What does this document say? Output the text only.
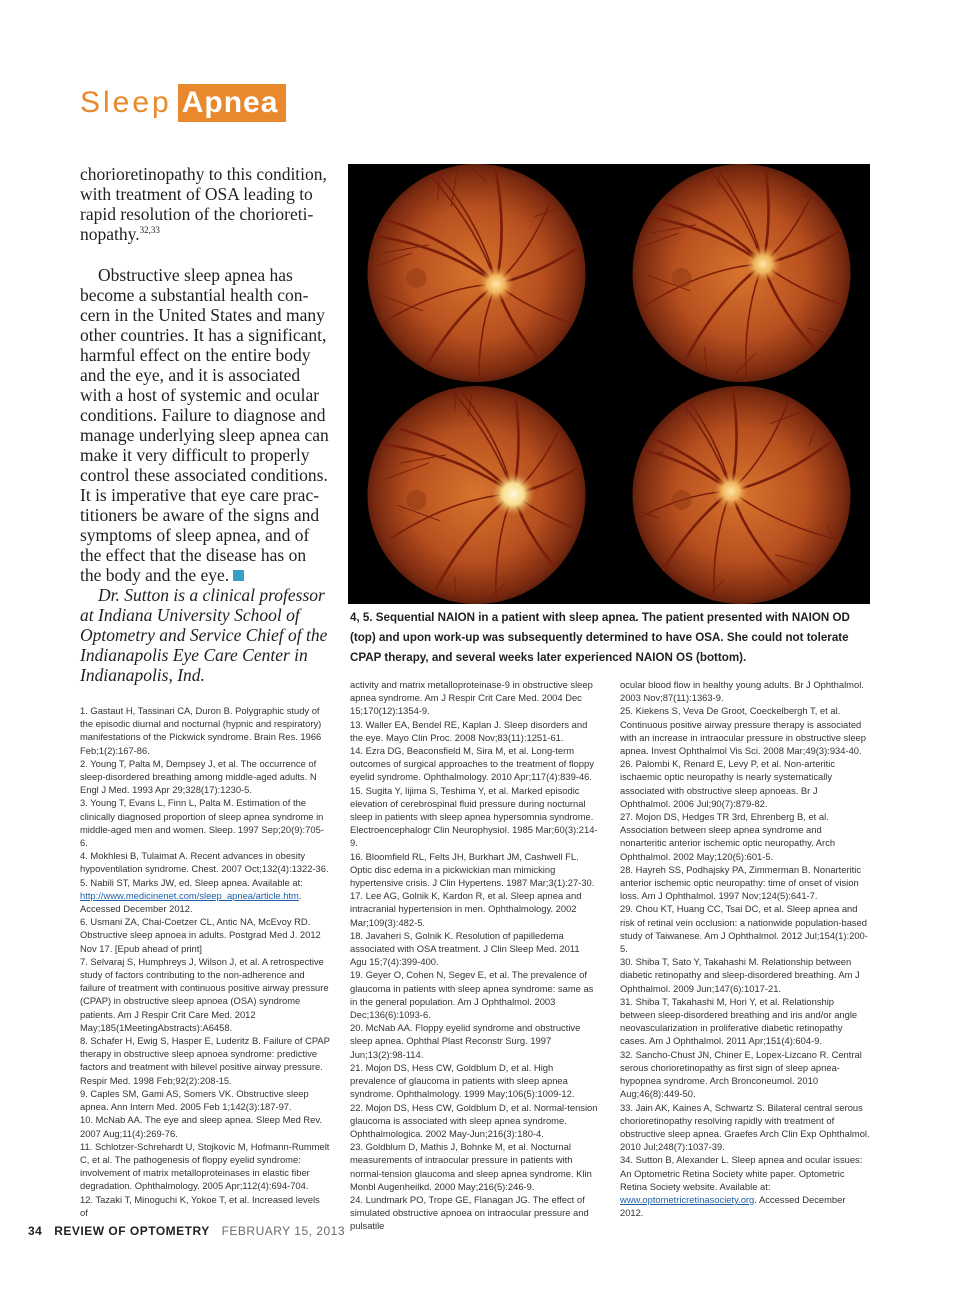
Sleep Apnea

chorioretinopathy to this condition, with treatment of OSA leading to rapid resolution of the chorioretinopathy.$^{32,33}$

Obstructive sleep apnea has become a substantial health concern in the United States and many other countries. It has a significant, harmful effect on the entire body and the eye, and it is associated with a host of systemic and ocular conditions. Failure to diagnose and manage underlying sleep apnea can make it very difficult to properly control these associated conditions. It is imperative that eye care practitioners be aware of the signs and symptoms of sleep apnea, and of the effect that the disease has on the body and the eye.

Dr. Sutton is a clinical professor at Indiana University School of Optometry and Service Chief of the Indianapolis Eye Care Center in Indianapolis, Ind.

1. Gastaut H, Tassinari CA, Duron B. Polygraphic study of the episodic diurnal and nocturnal (hypnic and respiratory) manifestations of the Pickwick syndrome. Brain Res. 1966 Feb;1(2):167-86.
2. Young T, Palta M, Dempsey J, et al. The occurrence of sleep-disordered breathing among middle-aged adults. N Engl J Med. 1993 Apr 29;328(17):1230-5.
3. Young T, Evans L, Finn L, Palta M. Estimation of the clinically diagnosed proportion of sleep apnea syndrome in middle-aged men and women. Sleep. 1997 Sep;20(9):705-6.
4. Mokhlesi B, Tulaimat A. Recent advances in obesity hypoventilation syndrome. Chest. 2007 Oct;132(4):1322-36.
5. Nabili ST, Marks JW, ed. Sleep apnea. Available at: http://www.medicinenet.com/sleep_apnea/article.htm. Accessed December 2012.
6. Usmani ZA, Chai-Coetzer CL, Antic NA, McEvoy RD. Obstructive sleep apnoea in adults. Postgrad Med J. 2012 Nov 17. [Epub ahead of print]
7. Selvaraj S, Humphreys J, Wilson J, et al. A retrospective study of factors contributing to the non-adherence and failure of treatment with continuous positive airway pressure (CPAP) in obstructive sleep apnoea (OSA) syndrome patients. Am J Respir Crit Care Med. 2012 May;185(1MeetingAbstracts):A6458.
8. Schafer H, Ewig S, Hasper E, Luderitz B. Failure of CPAP therapy in obstructive sleep apnoea syndrome: predictive factors and treatment with bilevel positive airway pressure. Respir Med. 1998 Feb;92(2):208-15.
9. Caples SM, Gami AS, Somers VK. Obstructive sleep apnea. Ann Intern Med. 2005 Feb 1;142(3):187-97.
10. McNab AA. The eye and sleep apnea. Sleep Med Rev. 2007 Aug;11(4):269-76.
11. Schlotzer-Schrehardt U, Stojkovic M, Hofmann-Rummelt C, et al. The pathogenesis of floppy eyelid syndrome: involvement of matrix metalloproteinases in elastic fiber degradation. Ophthalmology. 2005 Apr;112(4):694-704.
12. Tazaki T, Minoguchi K, Yokoe T, et al. Increased levels of
4, 5. Sequential NAION in a patient with sleep apnea. The patient presented with NAION OD (top) and upon work-up was subsequently determined to have OSA. She could not tolerate CPAP therapy, and several weeks later experienced NAION OS (bottom).
activity and matrix metalloproteinase-9 in obstructive sleep apnea syndrome. Am J Respir Crit Care Med. 2004 Dec 15;170(12):1354-9.
13. Waller EA, Bendel RE, Kaplan J. Sleep disorders and the eye. Mayo Clin Proc. 2008 Nov;83(11):1251-61.
14. Ezra DG, Beaconsfield M, Sira M, et al. Long-term outcomes of surgical approaches to the treatment of floppy eyelid syndrome. Ophthalmology. 2010 Apr;117(4):839-46.
15. Sugita Y, Iijima S, Teshima Y, et al. Marked episodic elevation of cerebrospinal fluid pressure during nocturnal sleep in patients with sleep apnea hypersomnia syndrome. Electroencephalogr Clin Neurophysiol. 1985 Mar;60(3):214-9.
16. Bloomfield RL, Felts JH, Burkhart JM, Cashwell FL. Optic disc edema in a pickwickian man mimicking hypertensive crisis. J Clin Hypertens. 1987 Mar;3(1):27-30.
17. Lee AG, Golnik K, Kardon R, et al. Sleep apnea and intracranial hypertension in men. Ophthalmology. 2002 Mar;109(3):482-5.
18. Javaheri S, Golnik K. Resolution of papilledema associated with OSA treatment. J Clin Sleep Med. 2011 Agu 15;7(4):399-400.
19. Geyer O, Cohen N, Segev E, et al. The prevalence of glaucoma in patients with sleep apnea syndrome: same as in the general population. Am J Ophthalmol. 2003 Dec;136(6):1093-6.
20. McNab AA. Floppy eyelid syndrome and obstructive sleep apnea. Ophthal Plast Reconstr Surg. 1997 Jun;13(2):98-114.
21. Mojon DS, Hess CW, Goldblum D, et al. High prevalence of glaucoma in patients with sleep apnea syndrome. Ophthalmology. 1999 May;106(5):1009-12.
22. Mojon DS, Hess CW, Goldblum D, et al. Normal-tension glaucoma is associated with sleep apnea syndrome. Ophthalmologica. 2002 May-Jun;216(3):180-4.
23. Goldblum D, Mathis J, Bohnke M, et al. Nocturnal measurements of intraocular pressure in patients with normal-tension glaucoma and sleep apnea syndrome. Klin Monbl Augenheilkd. 2000 May;216(5):246-9.
24. Lundmark PO, Trope GE, Flanagan JG. The effect of simulated obstructive apnoea on intraocular pressure and pulsatile
ocular blood flow in healthy young adults. Br J Ophthalmol. 2003 Nov;87(11):1363-9.
25. Kiekens S, Veva De Groot, Coeckelbergh T, et al. Continuous positive airway pressure therapy is associated with an increase in intraocular pressure in obstructive sleep apnea. Invest Ophthalmol Vis Sci. 2008 Mar;49(3):934-40.
26. Palombi K, Renard E, Levy P, et al. Non-arteritic ischaemic optic neuropathy is nearly systematically associated with obstructive sleep apnoeas. Br J Ophthalmol. 2006 Jul;90(7):879-82.
27. Mojon DS, Hedges TR 3rd, Ehrenberg B, et al. Association between sleep apnea syndrome and nonarteritic anterior ischemic optic neuropathy. Arch Ophthalmol. 2002 May;120(5):601-5.
28. Hayreh SS, Podhajsky PA, Zimmerman B. Nonarteritic anterior ischemic optic neuropathy: time of onset of vision loss. Am J Ophthalmol. 1997 Nov;124(5):641-7.
29. Chou KT, Huang CC, Tsai DC, et al. Sleep apnea and risk of retinal vein occlusion: a nationwide population-based study of Taiwanese. Am J Ophthalmol. 2012 Jul;154(1):200-5.
30. Shiba T, Sato Y, Takahashi M. Relationship between diabetic retinopathy and sleep-disordered breathing. Am J Ophthalmol. 2009 Jun;147(6):1017-21.
31. Shiba T, Takahashi M, Hori Y, et al. Relationship between sleep-disordered breathing and iris and/or angle neovascularization in proliferative diabetic retinopathy cases. Am J Ophthalmol. 2011 Apr;151(4):604-9.
32. Sancho-Chust JN, Chiner E, Lopex-Lizcano R. Central serous chorioretinopathy as first sign of sleep apnea-hypopnea syndrome. Arch Bronconeumol. 2010 Aug;46(8):449-50.
33. Jain AK, Kaines A, Schwartz S. Bilateral central serous chorioretinopathy resolving rapidly with treatment of obstructive sleep apnea. Graefes Arch Clin Exp Ophthalmol. 2010 Jul;248(7):1037-39.
34. Sutton B, Alexander L. Sleep apnea and ocular issues: An Optometric Retina Society white paper. Optometric Retina Society website. Available at: www.optometricretinasociety.org. Accessed December 2012.
34 REVIEW OF OPTOMETRY FEBRUARY 15, 2013
